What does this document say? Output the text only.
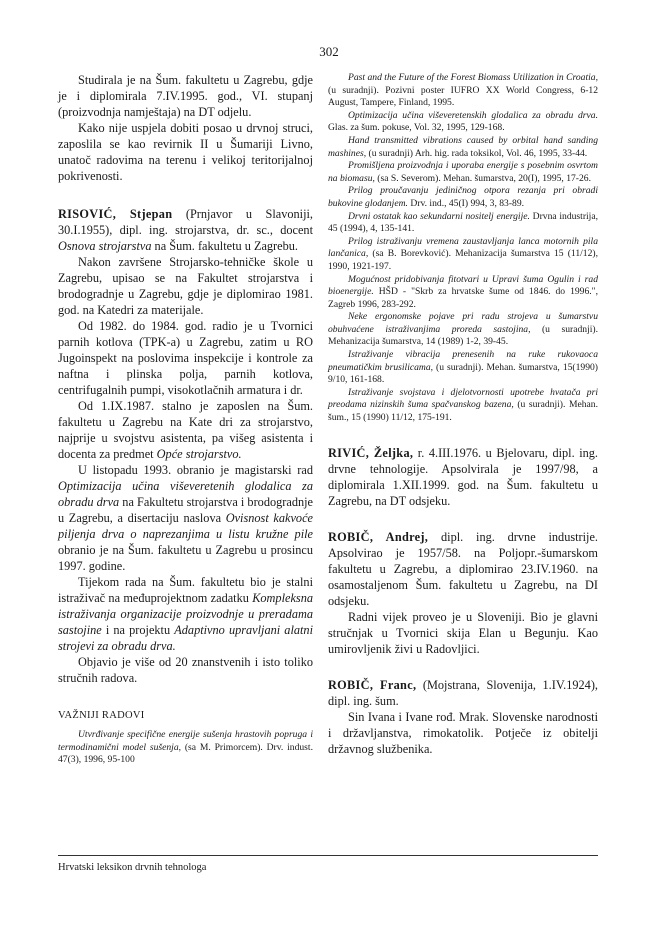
302

Studirala je na Šum. fakultetu u Zagrebu, gdje je i diplomirala 7.IV.1995. god., VI. stupanj (proizvodnja namještaja) na DT odjelu.

Kako nije uspjela dobiti posao u drvnoj struci, zaposlila se kao revirnik II u Šumariji Livno, unatoč radovima na terenu i velikoj teritorijalnoj pokrivenosti.

RISOVIĆ, Stjepan (Prnjavor u Slavoniji, 30.I.1955), dipl. ing. strojarstva, dr. sc., docent Osnova strojarstva na Šum. fakultetu u Zagrebu.

Nakon završene Strojarsko-tehničke škole u Zagrebu, upisao se na Fakultet strojarstva i brodogradnje u Zagrebu, gdje je diplomirao 1981. god. na Katedri za materijale.

Od 1982. do 1984. god. radio je u Tvornici parnih kotlova (TPK-a) u Zagrebu, zatim u RO Jugoinspekt na poslovima inspekcije i kontrole za naftna i plinska polja, parnih kotlova, centrifugalnih pumpi, visokotlačnih armatura i dr.

Od 1.IX.1987. stalno je zaposlen na Šum. fakultetu u Zagrebu na Kate dri za strojarstvo, najprije u svojstvu asistenta, pa višeg asistenta i docenta za predmet Opće strojarstvo.

U listopadu 1993. obranio je magistarski rad Optimizacija učina viševeretenih glodalica za obradu drva na Fakultetu strojarstva i brodogradnje u Zagrebu, a disertaciju naslova Ovisnost kakvoće piljenja drva o naprezanjima u listu kružne pile obranio je na Šum. fakultetu u Zagrebu u prosincu 1997. godine.

Tijekom rada na Šum. fakultetu bio je stalni istraživač na međuprojektnom zadatku Kompleksna istraživanja organizacije proizvodnje u preradama sastojine i na projektu Adaptivno upravljani alatni strojevi za obradu drva.

Objavio je više od 20 znanstvenih i isto toliko stručnih radova.

VAŽNIJI RADOVI

Utvrđivanje specifične energije sušenja hrastovih popruga i termodinamični model sušenja, (sa M. Primorcem). Drv. indust. 47(3), 1996, 95-100

Past and the Future of the Forest Biomass Utilization in Croatia, (u suradnji). Pozivni poster IUFRO XX World Congress, 6-12 August, Tampere, Finland, 1995.

Optimizacija učina viševeretenskih glodalica za obradu drva. Glas. za šum. pokuse, Vol. 32, 1995, 129-168.

Hand transmitted vibrations caused by orbital hand sanding mashines, (u suradnji) Arh. hig. rada toksikol, Vol. 46, 1995, 33-44.

Promišljena proizvodnja i uporaba energije s posebnim osvrtom na biomasu, (sa S. Severom). Mehan. šumarstva, 20(I), 1995, 17-26.

Prilog proučavanju jediničnog otpora rezanja pri obradi bukovine glodanjem. Drv. ind., 45(I) 994, 3, 83-89.

Drvni ostatak kao sekundarni nositelj energije. Drvna industrija, 45 (1994), 4, 135-141.

Prilog istraživanju vremena zaustavljanja lanca motornih pila lančanica, (sa B. Borevković). Mehanizacija šumarstva 15 (11/12), 1990, 1921-197.

Mogućnost pridobivanja fitotvari u Upravi šuma Ogulin i rad bioenergije. HŠD - "Skrb za hrvatske šume od 1846. do 1996.", Zagreb 1996, 283-292.

Neke ergonomske pojave pri radu strojeva u šumarstvu obuhvaćene istraživanjima proreda sastojina, (u suradnji). Mehanizacija šumarstva, 14 (1989) 1-2, 39-45.

Istraživanje vibracija prenesenih na ruke rukovaoca pneumatičkim brusilicama, (u suradnji). Mehan. šumarstva, 15(1990) 9/10, 161-168.

Istraživanje svojstava i djelotvornosti upotrebe hvatača pri preodama nizinskih šuma spačvanskog bazena, (u suradnji). Mehan. šum., 15 (1990) 11/12, 175-191.

RIVIĆ, Željka, r. 4.III.1976. u Bjelovaru, dipl. ing. drvne tehnologije. Apsolvirala je 1997/98, a diplomirala 1.XII.1999. god. na Šum. fakultetu u Zagrebu, na DT odsjeku.

ROBIČ, Andrej, dipl. ing. drvne industrije. Apsolvirao je 1957/58. na Poljopr.-šumarskom fakultetu u Zagrebu, a diplomirao 23.IV.1960. na osamostaljenom Šum. fakultetu u Zagrebu, na DI odsjeku.

Radni vijek proveo je u Sloveniji. Bio je glavni stručnjak u Tvornici skija Elan u Begunju. Kao umirovljenik živi u Radovljici.

ROBIČ, Franc, (Mojstrana, Slovenija, 1.IV.1924), dipl. ing. šum.

Sin Ivana i Ivane rođ. Mrak. Slovenske narodnosti i državljanstva, rimokatolik. Potječe iz obitelji državnog službenika.

Hrvatski leksikon drvnih tehnologa
